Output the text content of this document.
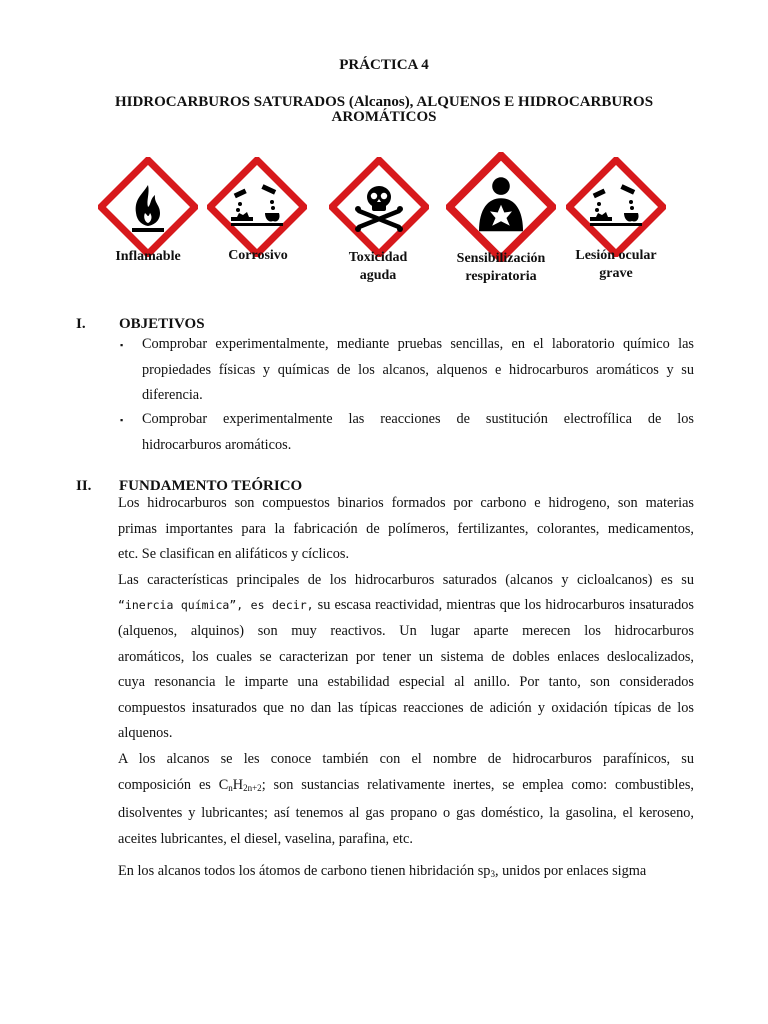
PRÁCTICA 4
HIDROCARBUROS SATURADOS (Alcanos), ALQUENOS E HIDROCARBUROS
AROMÁTICOS
Inflamable	Corrosivo	Toxicidad
aguda
Sensibilización
respiratoria
Lesión ocular
grave
I. OBJETIVOS
▪ Comprobar experimentalmente, mediante pruebas sencillas, en el laboratorio químico las
propiedades físicas y químicas de los alcanos, alquenos e hidrocarburos aromáticos y su
diferencia.
▪ Comprobar experimentalmente las reacciones de sustitución electrofílica de los
hidrocarburos aromáticos.
II. FUNDAMENTO TEÓRICO
Los hidrocarburos son compuestos binarios formados por carbono e hidrogeno, son materias
primas importantes para la fabricación de polímeros, fertilizantes, colorantes, medicamentos,
etc. Se clasifican en alifáticos y cíclicos.
Las características principales de los hidrocarburos saturados (alcanos y cicloalcanos) es su
“inercia química”, es decir, su escasa reactividad, mientras que los hidrocarburos insaturados
(alquenos, alquinos) son muy reactivos. Un lugar aparte merecen los hidrocarburos
aromáticos, los cuales se caracterizan por tener un sistema de dobles enlaces deslocalizados,
cuya resonancia le imparte una estabilidad especial al anillo. Por tanto, son considerados
compuestos insaturados que no dan las típicas reacciones de adición y oxidación típicas de los
alquenos.
A los alcanos se les conoce también con el nombre de hidrocarburos parafínicos, su
composición es $C_nH_{2n+2}$; son sustancias relativamente inertes, se emplea como: combustibles,
disolventes y lubricantes; así tenemos al gas propano o gas doméstico, la gasolina, el keroseno,
aceites lubricantes, el diesel, vaselina, parafina, etc.
En los alcanos todos los átomos de carbono tienen hibridación $sp_3$, unidos por enlaces sigma
